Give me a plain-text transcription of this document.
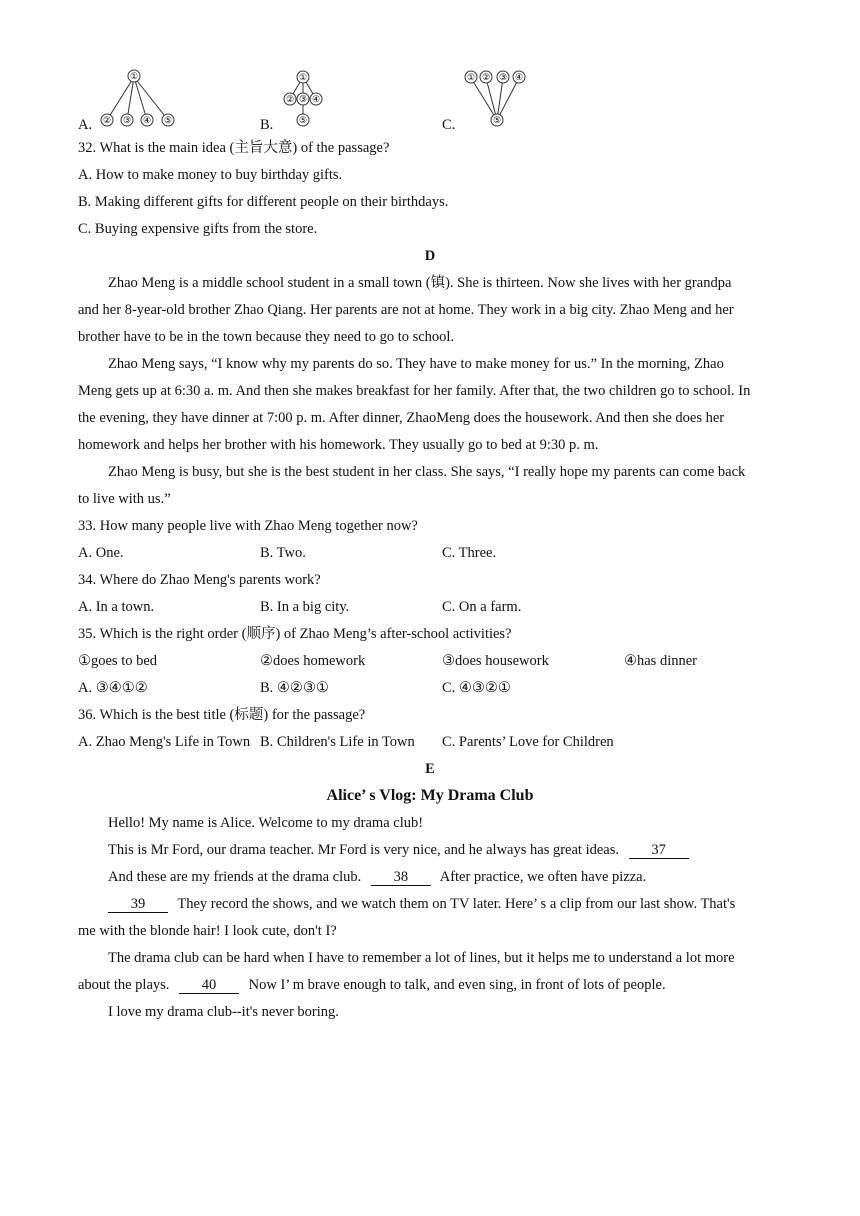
A.
①
② ③ ④ ⑤	B.
①
② ③ ④
⑤	C.
① ② ③ ④
⑤
32. What is the main idea (主旨大意) of the passage?
A. How to make money to buy birthday gifts.
B. Making different gifts for different people on their birthdays.
C. Buying expensive gifts from the store.
D
Zhao Meng is a middle school student in a small town (镇). She is thirteen. Now she lives with her grandpa
and her 8-year-old brother Zhao Qiang. Her parents are not at home. They work in a big city. Zhao Meng and her
brother have to be in the town because they need to go to school.
Zhao Meng says, “I know why my parents do so. They have to make money for us.” In the morning, Zhao
Meng gets up at 6:30 a. m. And then she makes breakfast for her family. After that, the two children go to school. In
the evening, they have dinner at 7:00 p. m. After dinner, ZhaoMeng does the housework. And then she does her
homework and helps her brother with his homework. They usually go to bed at 9:30 p. m.
Zhao Meng is busy, but she is the best student in her class. She says, “I really hope my parents can come back
to live with us.”
33. How many people live with Zhao Meng together now?
A. One.	B. Two.	C. Three.
34. Where do Zhao Meng's parents work?
A. In a town.	B. In a big city.	C. On a farm.
35. Which is the right order (顺序) of Zhao Meng’s after-school activities?
①goes to bed	②does homework	③does housework	④has dinner
A. ③④①②	B. ④②③①	C. ④③②①
36. Which is the best title (标题) for the passage?
A. Zhao Meng's Life in Town B. Children's Life in Town C. Parents’ Love for Children
E
Alice’ s Vlog: My Drama Club
Hello! My name is Alice. Welcome to my drama club!
This is Mr Ford, our drama teacher. Mr Ford is very nice, and he always has great ideas. 37
And these are my friends at the drama club. 38 After practice, we often have pizza.
39 They record the shows, and we watch them on TV later. Here’ s a clip from our last show. That's
me with the blonde hair! I look cute, don't I?
The drama club can be hard when I have to remember a lot of lines, but it helps me to understand a lot more
about the plays. 40 Now I’ m brave enough to talk, and even sing, in front of lots of people.
I love my drama club--it's never boring.
